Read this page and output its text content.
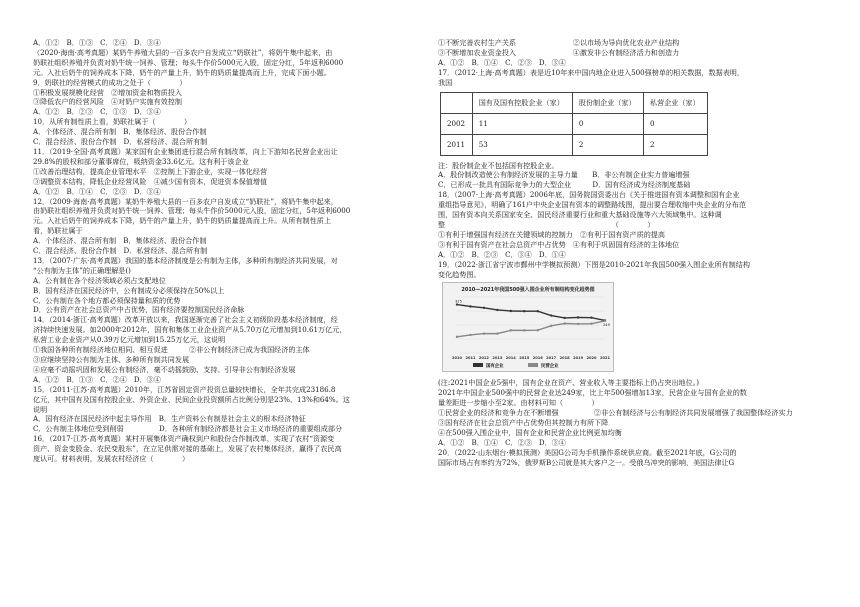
A．①②　B．①③　C．②④　D．③④
（2020·海南·高考真题）某奶牛养殖大县的一百多农户自发成立“奶联社”，将奶牛集中起来，由
奶联社组织养殖并负责对奶牛统一饲养、管理；每头牛作价5000元入股，固定分红，5年返利6000
元。入社后奶牛的饲养成本下降，奶牛的产量上升，奶牛的奶质量提高而上升，完成下面小题。
9．奶联社的经营模式的成功之处于（　　　　）
①积极发展规模化经营　②增加资金和物质投入
③降低农户的经营风险　④对奶户实施有效控制
A．①②　B．②③　C．①③　D．③④
10．从所有制性质上看，奶联社属于（　　　　）
A．个体经济、混合所有制　B．集体经济、股份合作制
C．混合经济、股份合作制　D．私营经济、混合所有制
11．（2019·全国·高考真题）某家国有企业集团进行混合所有制改革，向上下游知名民营企业出让
29.8%的股权和部分董事席位，吸纳资金33.6亿元。这有利于该企业
①改善治理结构，提高企业管理水平　②控制上下游企业，实现一体化经营
③调整资本结构，降低企业经营风险　④减少国有资本，促进资本保值增值
A．①②　B．①④　C．②③　D．③④
12．（2009·海南·高考真题）某奶牛养殖大县的一百多农户自发成立“奶联社”，将奶牛集中起来，
由奶联社组织养殖并负责对奶牛统一饲养、管理；每头牛作价5000元入股，固定分红，5年返利6000
元。入社后奶牛的饲养成本下降，奶牛的产量上升，奶牛的奶质量提高而上升。从所有制性质上
看，奶联社属于
A．个体经济、混合所有制　B．集体经济、股份合作制
C．混合经济、股份合作制　D．私营经济、混合所有制
13．（2007·广东·高考真题）我国的基本经济制度是公有制为主体，多种所有制经济共同发展，对
“公有制为主体”的正确理解是()
A．公有制在各个经济领域必须占支配地位
B．国有经济在国民经济中，公有制成分必须保持在50%以上
C．公有制在各个地方都必须保持量和质的优势
D．公有资产在社会总资产中占优势，国有经济要控制国民经济命脉
14．（2014·浙江·高考真题）改革开放以来，我国逐渐完善了社会主义初级阶段基本经济制度，经
济持续快速发展。如2000年2012年，国有和集体工业企业资产从5.70万亿元增加到10.61万亿元，
私营工业企业资产从0.39万亿元增加到15.25万亿元，这说明
①我国各种所有制经济地位相同、相互促进　　　②非公有制经济已成为我国经济的主体
③应继续坚持公有制为主体、多种所有制共同发展
④应毫不动摇巩固和发展公有制经济，毫不动摇鼓励、支持、引导非公有制经济发展
A．①②　B．①③　C．②④　D．③④
15．（2011·江苏·高考真题）2010年，江苏省固定资产投资总量较快增长，全年共完成23186.8
亿元，其中国有及国有控股企业、外资企业、民间企业投资额所占比例分别是23%、13%和64%。这
说明
A．国有经济在国民经济中起主导作用　B．生产资料公有制是社会主义的根本经济特征
C．公有制主体地位受到削弱　　　　　D．各种所有制经济都是社会主义市场经济的重要组成部分
16．（2017·江苏·高考真题）某村开展集体资产确权到户和股份合作制改革，实现了农村“资源变
资产、资金变股金、农民变股东”，在立足供需对接的基础上，发展了农村集体经济，赢得了农民高
度认可。材料表明，发展农村经济应（　　　　）
①不断完善农村生产关系　　　　　　　　②以市场为导向优化农业产业结构
③不断增加农业资金投入　　　　　　　　④激发非公有制经济活力和创造力
A．①②　B．①④　C．②③　D．③④
17．（2012·上海·高考真题）表是近10年来中国内地企业进入500强榜单的相关数据，数据表明，
我国
	国有及国有控股企业（家）	股份制企业（家）	私营企业（家）
2002	11	0	0
2011	53	2	2
注：股份制企业不包括国有控股企业。
A．股份制改造使公有制经济发展的主导力量　　B．非公有制企业实力普遍增强
C．已形成一批具有国际竞争力的大型企业　　　D．国有经济成为经济制度基础
18．（2007·上海·高考真题）2006年底，国务院国资委出台《关于推进国有资本调整和国有企业
重组指导意见》，明确了161户中央企业国有资本的调整路线图，提出要合理收缩中央企业的分布范
围，国有资本向关系国家安全、国民经济重要行业和重大基础设施等六大领域集中。这种调
整　　　　　　　　　　　　　　　　　　　　　　　　（　　　　）
①有利于增强国有经济在关键领域的控制力　②有利于国有资产质的提高
③有利于国有资产在社会总资产中占优势　④有利于巩固国有经济的主体地位
A．①②　B．②③　C．③④　D．①④
19．（2022·浙江省宁波市鄞州中学模拟预测）下图是2010-2021年我国500强入围企业所有制结构
变化趋势图。
2010—2021年我国500强入围企业所有制结构变化趋势图
2010 2011 2012 2013 2014 2015 2016 2017 2018 2019 2020 2021
国有企业	民营企业
325
249
(注:2021中国企业5强中，国有企业在资产、营业收入等主要指标上仍占突出地位。)
2021年中国企业500强中的民营企业达249家，比上年500强增加13家，民营企业与国有企业的数
量差距进一步缩小至2家。由材料可知（　　　　）
①民营企业的经济和竞争力在不断增强　　　　　②非公有制经济与公有制经济共同发展增强了我国整体经济实力
③国有经济在社会总资产中占优势但其控制力有所下降
④在500强入围企业中，国有企业和民营企业比例更加均衡
A．①②　B．①④　C．②③　D．③④
20．（2022·山东烟台·模拟预测）美国G公司为手机操作系统供应商。截至2021年底，G公司的
国际市场占有率约为72%，俄罗斯B公司就是其大客户之一。受俄乌冲突的影响，美国法律让G
